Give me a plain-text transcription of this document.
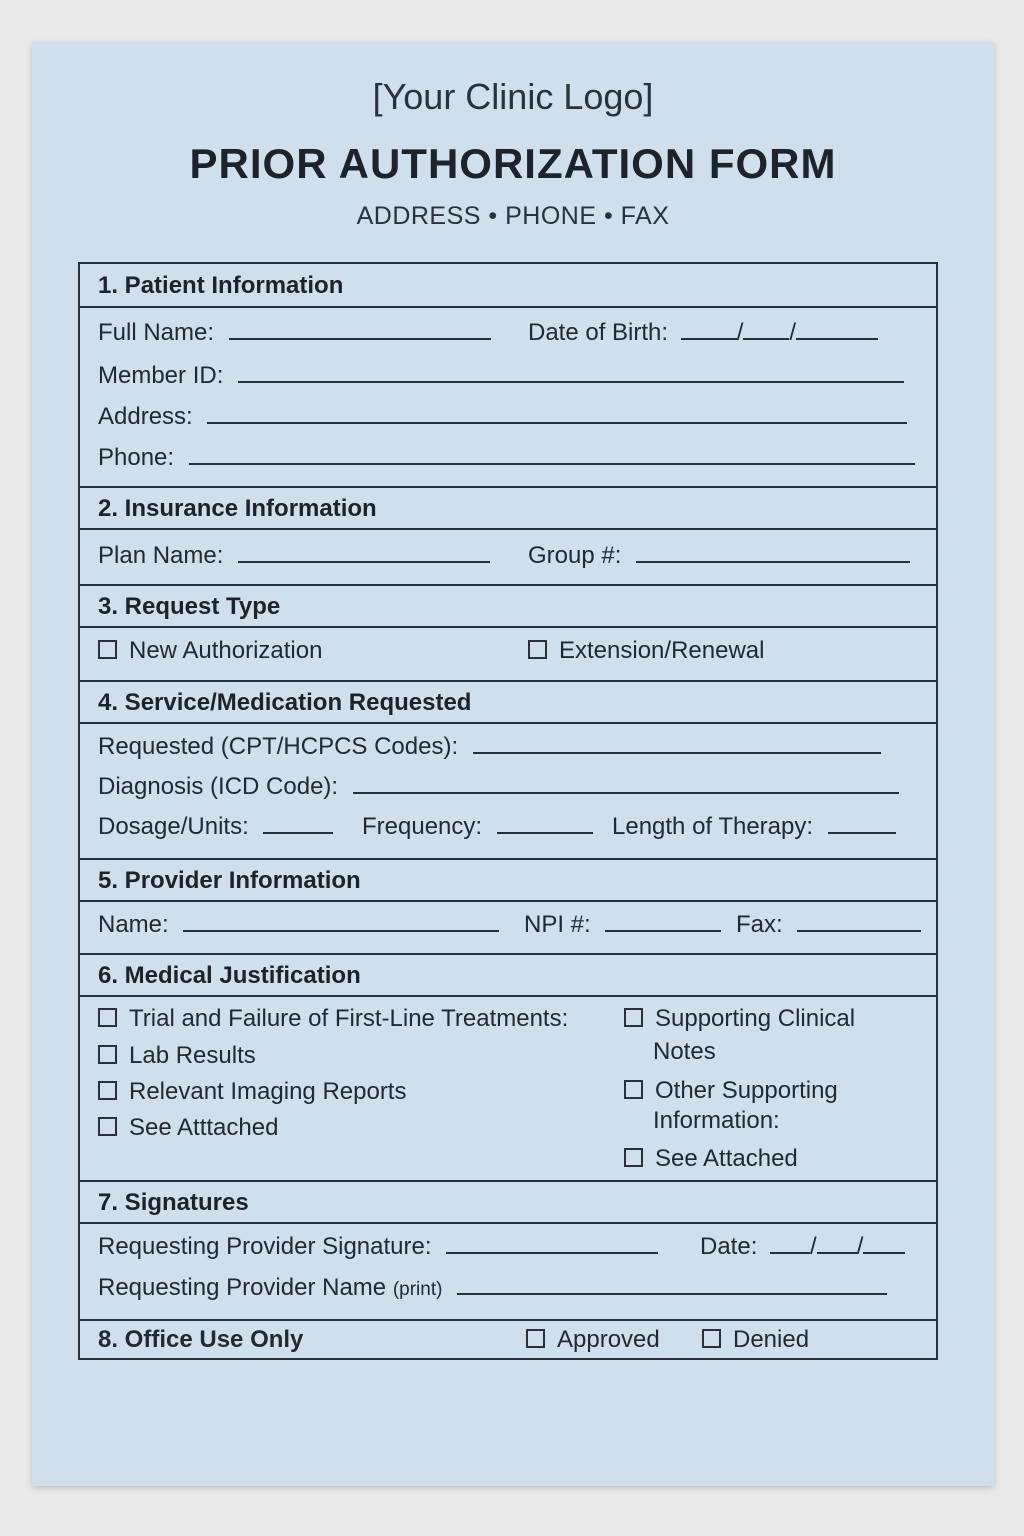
[Your Clinic Logo]
PRIOR AUTHORIZATION FORM
ADDRESS • PHONE • FAX
1. Patient Information
Full Name:	Date of Birth:	/ /
Member ID:
Address:
Phone:
2. Insurance Information
Plan Name:	Group #:
3. Request Type
New Authorization	Extension/Renewal
4. Service/Medication Requested
Requested (CPT/HCPCS Codes):
Diagnosis (ICD Code):
Dosage/Units:	Frequency:	Length of Therapy:
5. Provider Information
Name:	NPI #:	Fax:
6. Medical Justification
Trial and Failure of First-Line Treatments:
Lab Results
Relevant Imaging Reports
See Atttached
Supporting Clinical
Notes
Other Supporting
Information:
See Attached
7. Signatures
Requesting Provider Signature:	Date: / /
Requesting Provider Name (print)
8. Office Use Only	Approved	Denied
